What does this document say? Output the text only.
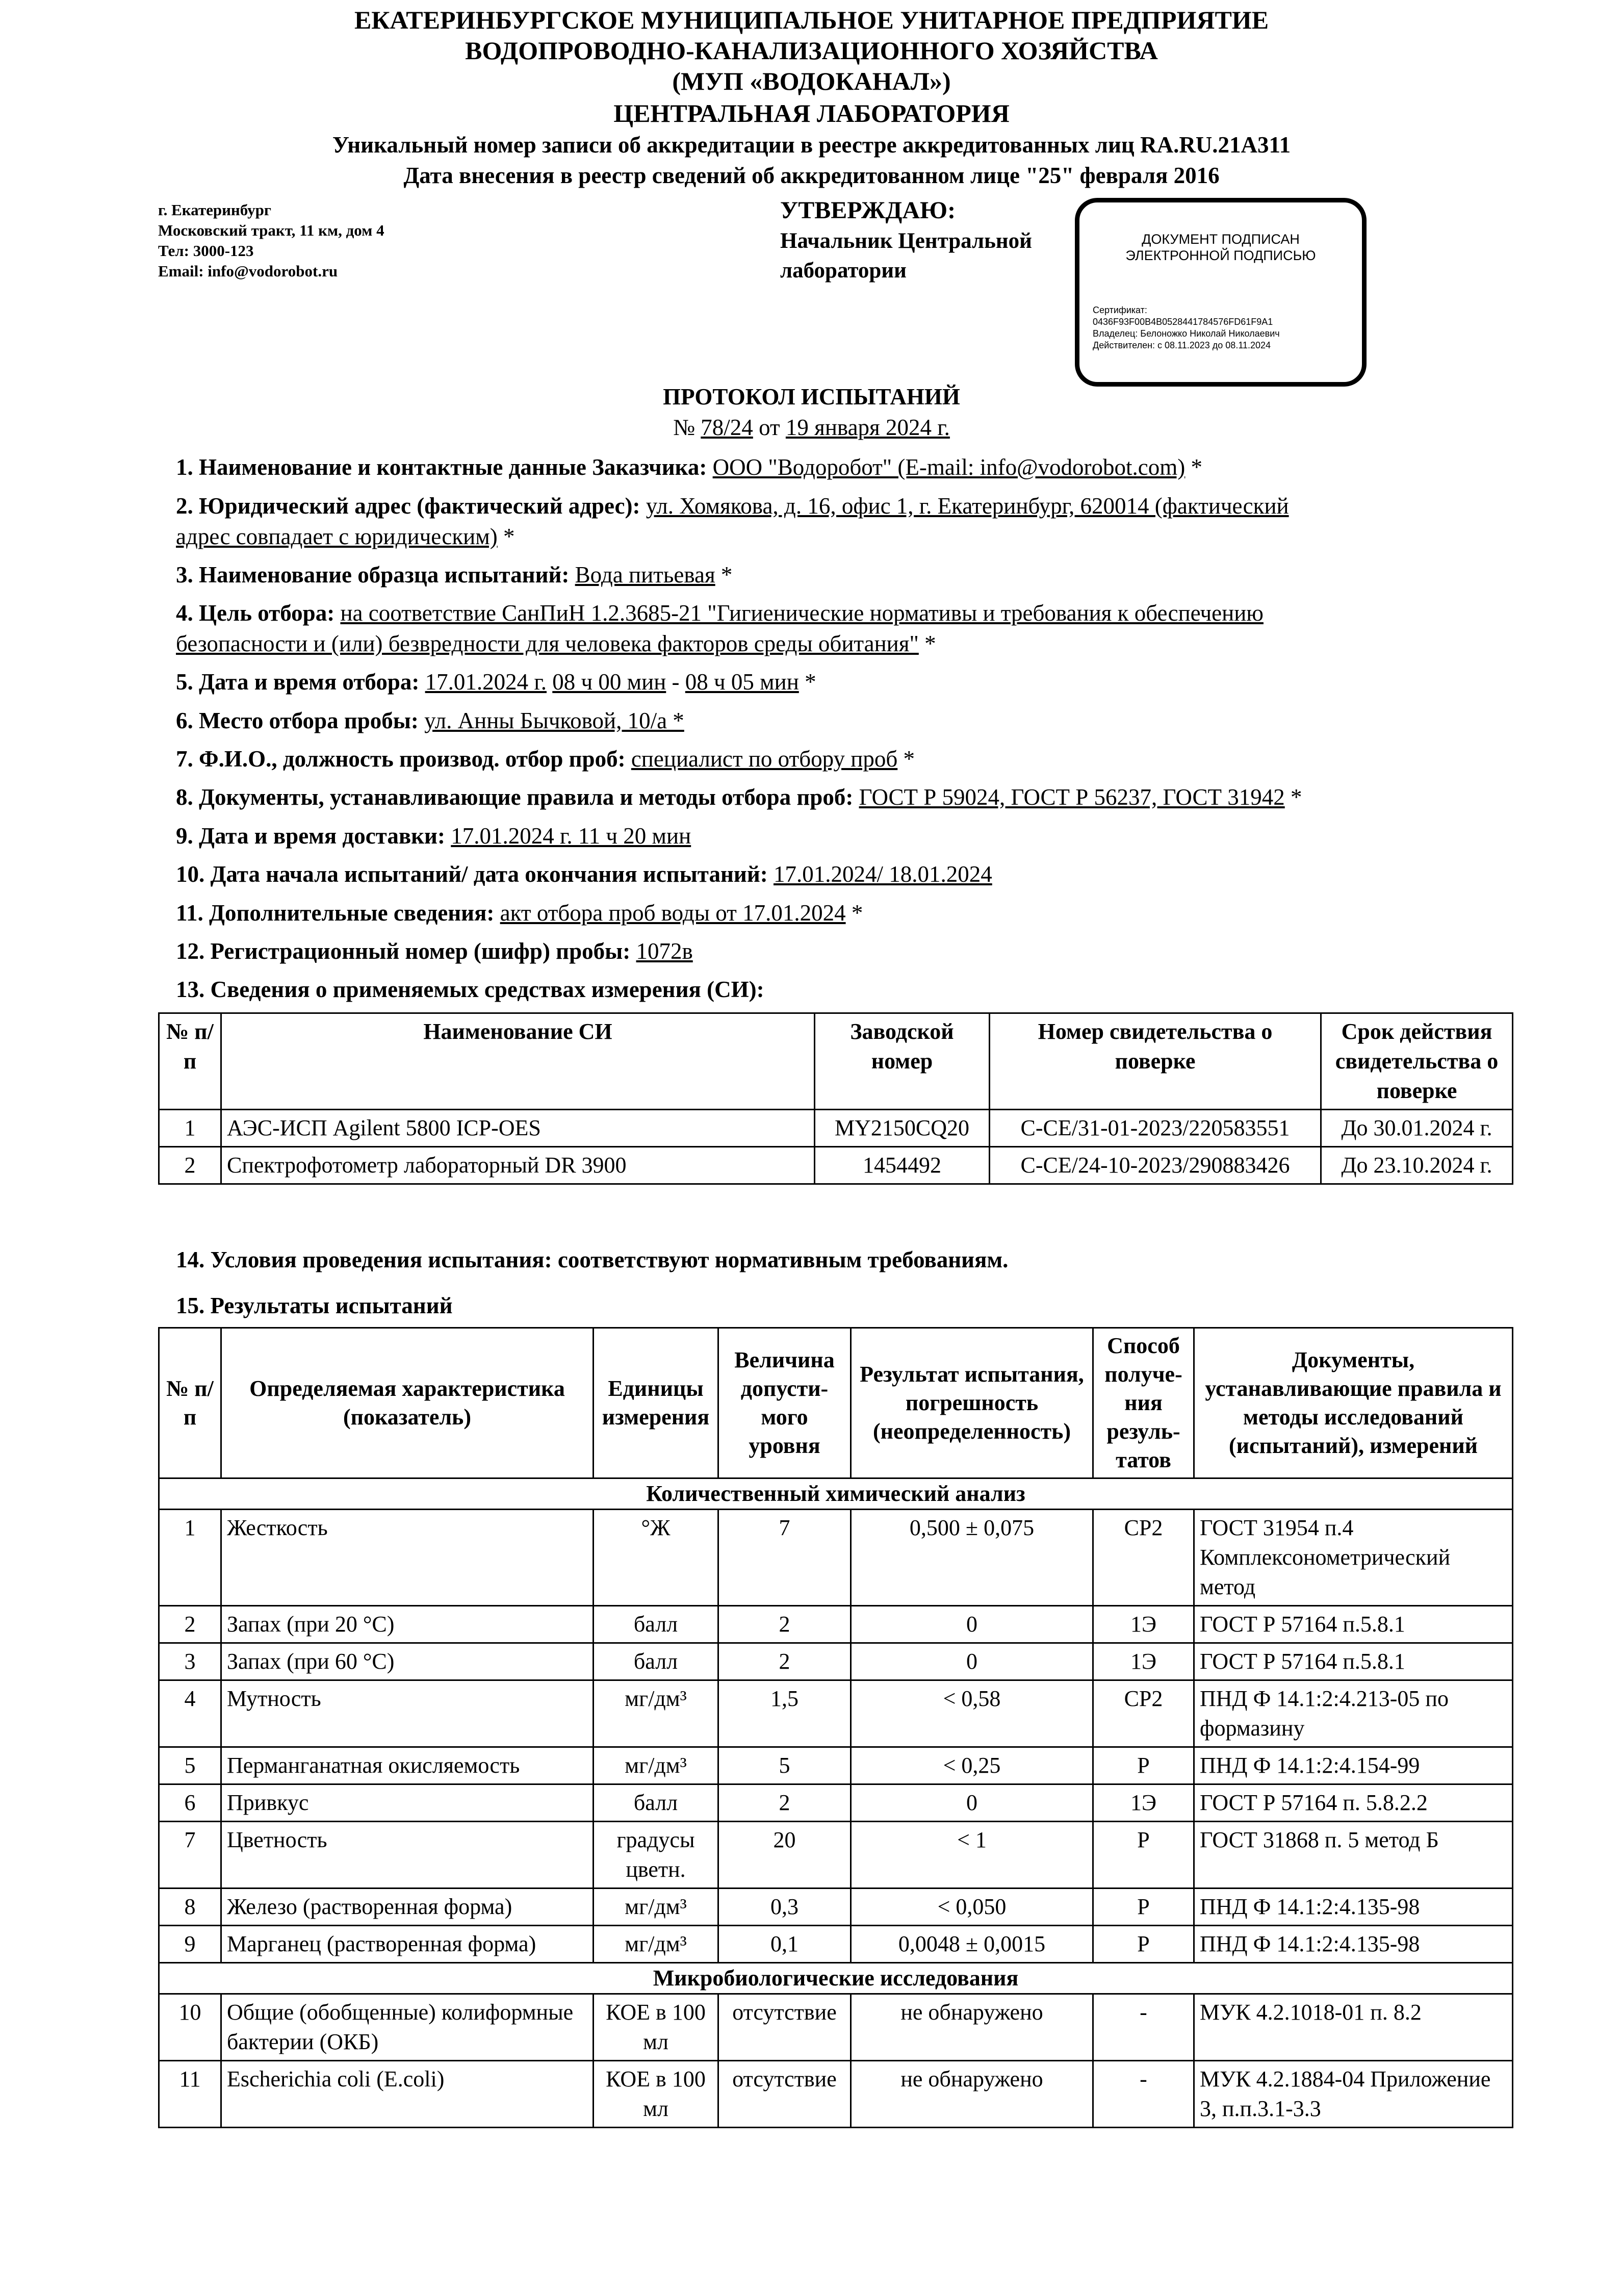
ЕКАТЕРИНБУРГСКОЕ МУНИЦИПАЛЬНОЕ УНИТАРНОЕ ПРЕДПРИЯТИЕ
ВОДОПРОВОДНО-КАНАЛИЗАЦИОННОГО ХОЗЯЙСТВА
(МУП «ВОДОКАНАЛ»)
ЦЕНТРАЛЬНАЯ ЛАБОРАТОРИЯ
Уникальный номер записи об аккредитации в реестре аккредитованных лиц RA.RU.21А311
Дата внесения в реестр сведений об аккредитованном лице "25" февраля 2016
г. Екатеринбург
Московский тракт, 11 км, дом 4
Тел: 3000-123
Email: info@vodorobot.ru
УТВЕРЖДАЮ:
Начальник Центральной
лаборатории
ДОКУМЕНТ ПОДПИСАН
ЭЛЕКТРОННОЙ ПОДПИСЬЮ
Сертификат:
0436F93F00B4B0528441784576FD61F9A1
Владелец: Белоножко Николай Николаевич
Действителен: с 08.11.2023 до 08.11.2024
ПРОТОКОЛ ИСПЫТАНИЙ
№ 78/24 от 19 января 2024 г.
1. Наименование и контактные данные Заказчика: ООО "Водоробот" (E-mail: info@vodorobot.com) *
2. Юридический адрес (фактический адрес): ул. Хомякова, д. 16, офис 1, г. Екатеринбург, 620014 (фактический
адрес совпадает с юридическим) *
3. Наименование образца испытаний: Вода питьевая *
4. Цель отбора: на соответствие СанПиН 1.2.3685-21 "Гигиенические нормативы и требования к обеспечению
безопасности и (или) безвредности для человека факторов среды обитания" *
5. Дата и время отбора: 17.01.2024 г. 08 ч 00 мин - 08 ч 05 мин *
6. Место отбора пробы: ул. Анны Бычковой, 10/а *
7. Ф.И.О., должность производ. отбор проб: специалист по отбору проб *
8. Документы, устанавливающие правила и методы отбора проб: ГОСТ Р 59024, ГОСТ Р 56237, ГОСТ 31942 *
9. Дата и время доставки: 17.01.2024 г. 11 ч 20 мин
10. Дата начала испытаний/ дата окончания испытаний: 17.01.2024/ 18.01.2024
11. Дополнительные сведения: акт отбора проб воды от 17.01.2024 *
12. Регистрационный номер (шифр) пробы: 1072в
13. Сведения о применяемых средствах измерения (СИ):
№ п/п	Наименование СИ	Заводской номер	Номер свидетельства о поверке	Срок действия свидетельства о поверке
1	АЭС-ИСП Agilent 5800 ICP-OES	MY2150CQ20	С-СЕ/31-01-2023/220583551	До 30.01.2024 г.
2	Спектрофотометр лабораторный DR 3900	1454492	С-СЕ/24-10-2023/290883426	До 23.10.2024 г.
14. Условия проведения испытания: соответствуют нормативным требованиям.
15. Результаты испытаний
№ п/п	Определяемая характеристика (показатель)	Единицы измерения	Величина допусти-мого уровня	Результат испытания, погрешность (неопределенность)	Способ получе-ния резуль-татов	Документы, устанавливающие правила и методы исследований (испытаний), измерений
Количественный химический анализ						
1	Жесткость	°Ж	7	0,500 ± 0,075	СР2	ГОСТ 31954 п.4 Комплексонометрический метод
2	Запах (при 20 °С)	балл	2	0	1Э	ГОСТ Р 57164 п.5.8.1
3	Запах (при 60 °С)	балл	2	0	1Э	ГОСТ Р 57164 п.5.8.1
4	Мутность	мг/дм³	1,5	< 0,58	СР2	ПНД Ф 14.1:2:4.213-05 по формазину
5	Перманганатная окисляемость	мг/дм³	5	< 0,25	Р	ПНД Ф 14.1:2:4.154-99
6	Привкус	балл	2	0	1Э	ГОСТ Р 57164 п. 5.8.2.2
7	Цветность	градусы цветн.	20	< 1	Р	ГОСТ 31868 п. 5 метод Б
8	Железо (растворенная форма)	мг/дм³	0,3	< 0,050	Р	ПНД Ф 14.1:2:4.135-98
9	Марганец (растворенная форма)	мг/дм³	0,1	0,0048 ± 0,0015	Р	ПНД Ф 14.1:2:4.135-98
Микробиологические исследования						
10	Общие (обобщенные) колиформные бактерии (ОКБ)	КОЕ в 100 мл	отсутствие	не обнаружено	-	МУК 4.2.1018-01 п. 8.2
11	Escherichia coli (E.coli)	КОЕ в 100 мл	отсутствие	не обнаружено	-	МУК 4.2.1884-04 Приложение 3, п.п.3.1-3.3
